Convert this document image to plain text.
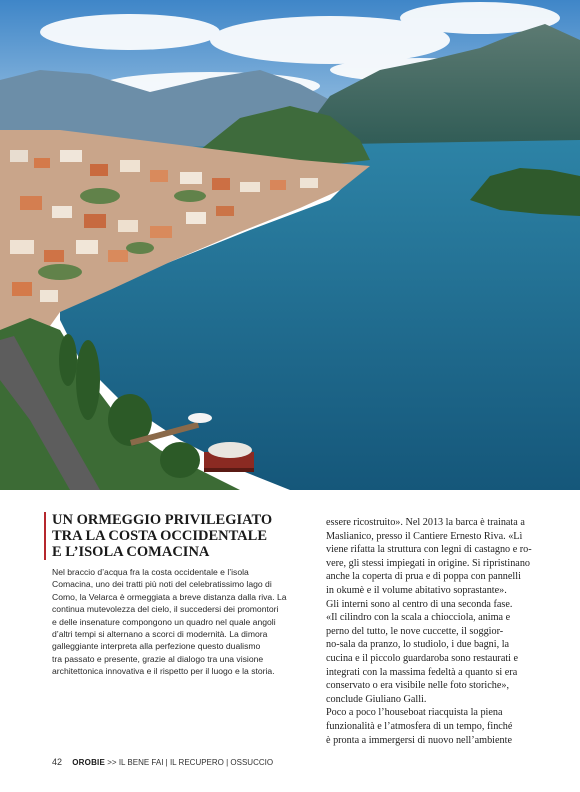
UN ORMEGGIO PRIVILEGIATO
TRA LA COSTA OCCIDENTALE
E L’ISOLA COMACINA
Nel braccio d’acqua fra la costa occidentale e l’isola
Comacina, uno dei tratti più noti del celebratissimo lago di
Como, la Velarca è ormeggiata a breve distanza dalla riva. La
continua mutevolezza del cielo, il succedersi dei promontori
e delle insenature compongono un quadro nel quale angoli
d’altri tempi si alternano a scorci di modernità. La dimora
galleggiante interpreta alla perfezione questo dualismo
tra passato e presente, grazie al dialogo tra una visione
architettonica innovativa e il rispetto per il luogo e la storia.

essere ricostruito». Nel 2013 la barca è trainata a
Maslianico, presso il Cantiere Ernesto Riva. «Lì
viene rifatta la struttura con legni di castagno e ro-
vere, gli stessi impiegati in origine. Si ripristinano
anche la coperta di prua e di poppa con pannelli
in okumè e il volume abitativo soprastante».

Gli interni sono al centro di una seconda fase.
«Il cilindro con la scala a chiocciola, anima e
perno del tutto, le nove cuccette, il soggior-
no-sala da pranzo, lo studiolo, i due bagni, la
cucina e il piccolo guardaroba sono restaurati e
integrati con la massima fedeltà a quanto si era
conservato o era visibile nelle foto storiche»,
conclude Giuliano Galli.

Poco a poco l’houseboat riacquista la piena
funzionalità e l’atmosfera di un tempo, finché
è pronta a immergersi di nuovo nell’ambiente

42 OROBIE >> IL BENE FAI | IL RECUPERO | OSSUCCIO
